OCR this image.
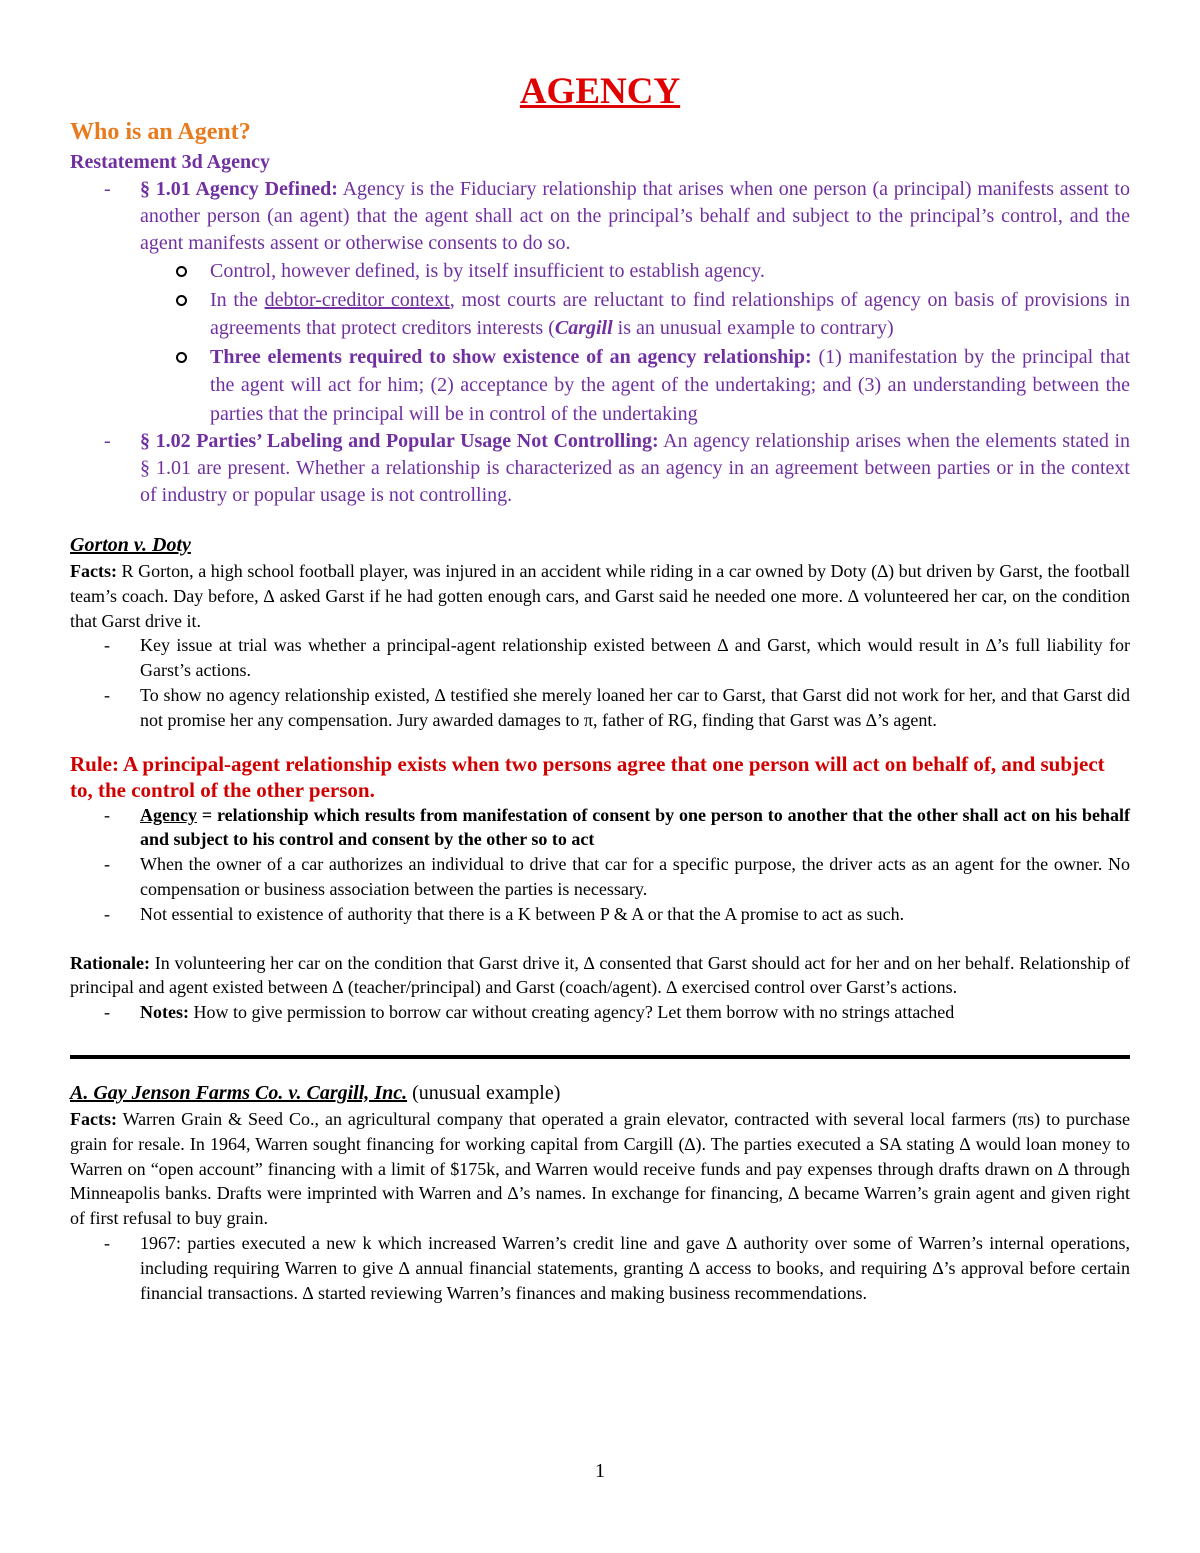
AGENCY
Who is an Agent?
Restatement 3d Agency
- § 1.01 Agency Defined: Agency is the Fiduciary relationship that arises when one person (a principal) manifests assent to another person (an agent) that the agent shall act on the principal’s behalf and subject to the principal’s control, and the agent manifests assent or otherwise consents to do so.
Control, however defined, is by itself insufficient to establish agency.
In the debtor-creditor context, most courts are reluctant to find relationships of agency on basis of provisions in agreements that protect creditors interests (Cargill is an unusual example to contrary)
Three elements required to show existence of an agency relationship: (1) manifestation by the principal that the agent will act for him; (2) acceptance by the agent of the undertaking; and (3) an understanding between the parties that the principal will be in control of the undertaking
- § 1.02 Parties’ Labeling and Popular Usage Not Controlling: An agency relationship arises when the elements stated in § 1.01 are present. Whether a relationship is characterized as an agency in an agreement between parties or in the context of industry or popular usage is not controlling.
Gorton v. Doty

Facts: R Gorton, a high school football player, was injured in an accident while riding in a car owned by Doty (∆) but driven by Garst, the football team’s coach. Day before, ∆ asked Garst if he had gotten enough cars, and Garst said he needed one more. ∆ volunteered her car, on the condition that Garst drive it.

- Key issue at trial was whether a principal-agent relationship existed between ∆ and Garst, which would result in ∆’s full liability for Garst’s actions.
- To show no agency relationship existed, ∆ testified she merely loaned her car to Garst, that Garst did not work for her, and that Garst did not promise her any compensation. Jury awarded damages to π, father of RG, finding that Garst was ∆’s agent.
Rule: A principal-agent relationship exists when two persons agree that one person will act on behalf of, and subject to, the control of the other person.
- Agency = relationship which results from manifestation of consent by one person to another that the other shall act on his behalf and subject to his control and consent by the other so to act
- When the owner of a car authorizes an individual to drive that car for a specific purpose, the driver acts as an agent for the owner. No compensation or business association between the parties is necessary.
- Not essential to existence of authority that there is a K between P & A or that the A promise to act as such.

Rationale: In volunteering her car on the condition that Garst drive it, ∆ consented that Garst should act for her and on her behalf. Relationship of principal and agent existed between ∆ (teacher/principal) and Garst (coach/agent). ∆ exercised control over Garst’s actions.

- Notes: How to give permission to borrow car without creating agency? Let them borrow with no strings attached
A. Gay Jenson Farms Co. v. Cargill, Inc. (unusual example)

Facts: Warren Grain & Seed Co., an agricultural company that operated a grain elevator, contracted with several local farmers (πs) to purchase grain for resale. In 1964, Warren sought financing for working capital from Cargill (∆). The parties executed a SA stating ∆ would loan money to Warren on “open account” financing with a limit of $175k, and Warren would receive funds and pay expenses through drafts drawn on ∆ through Minneapolis banks. Drafts were imprinted with Warren and ∆’s names. In exchange for financing, ∆ became Warren’s grain agent and given right of first refusal to buy grain.

- 1967: parties executed a new k which increased Warren’s credit line and gave ∆ authority over some of Warren’s internal operations, including requiring Warren to give ∆ annual financial statements, granting ∆ access to books, and requiring ∆’s approval before certain financial transactions. ∆ started reviewing Warren’s finances and making business recommendations.
1
